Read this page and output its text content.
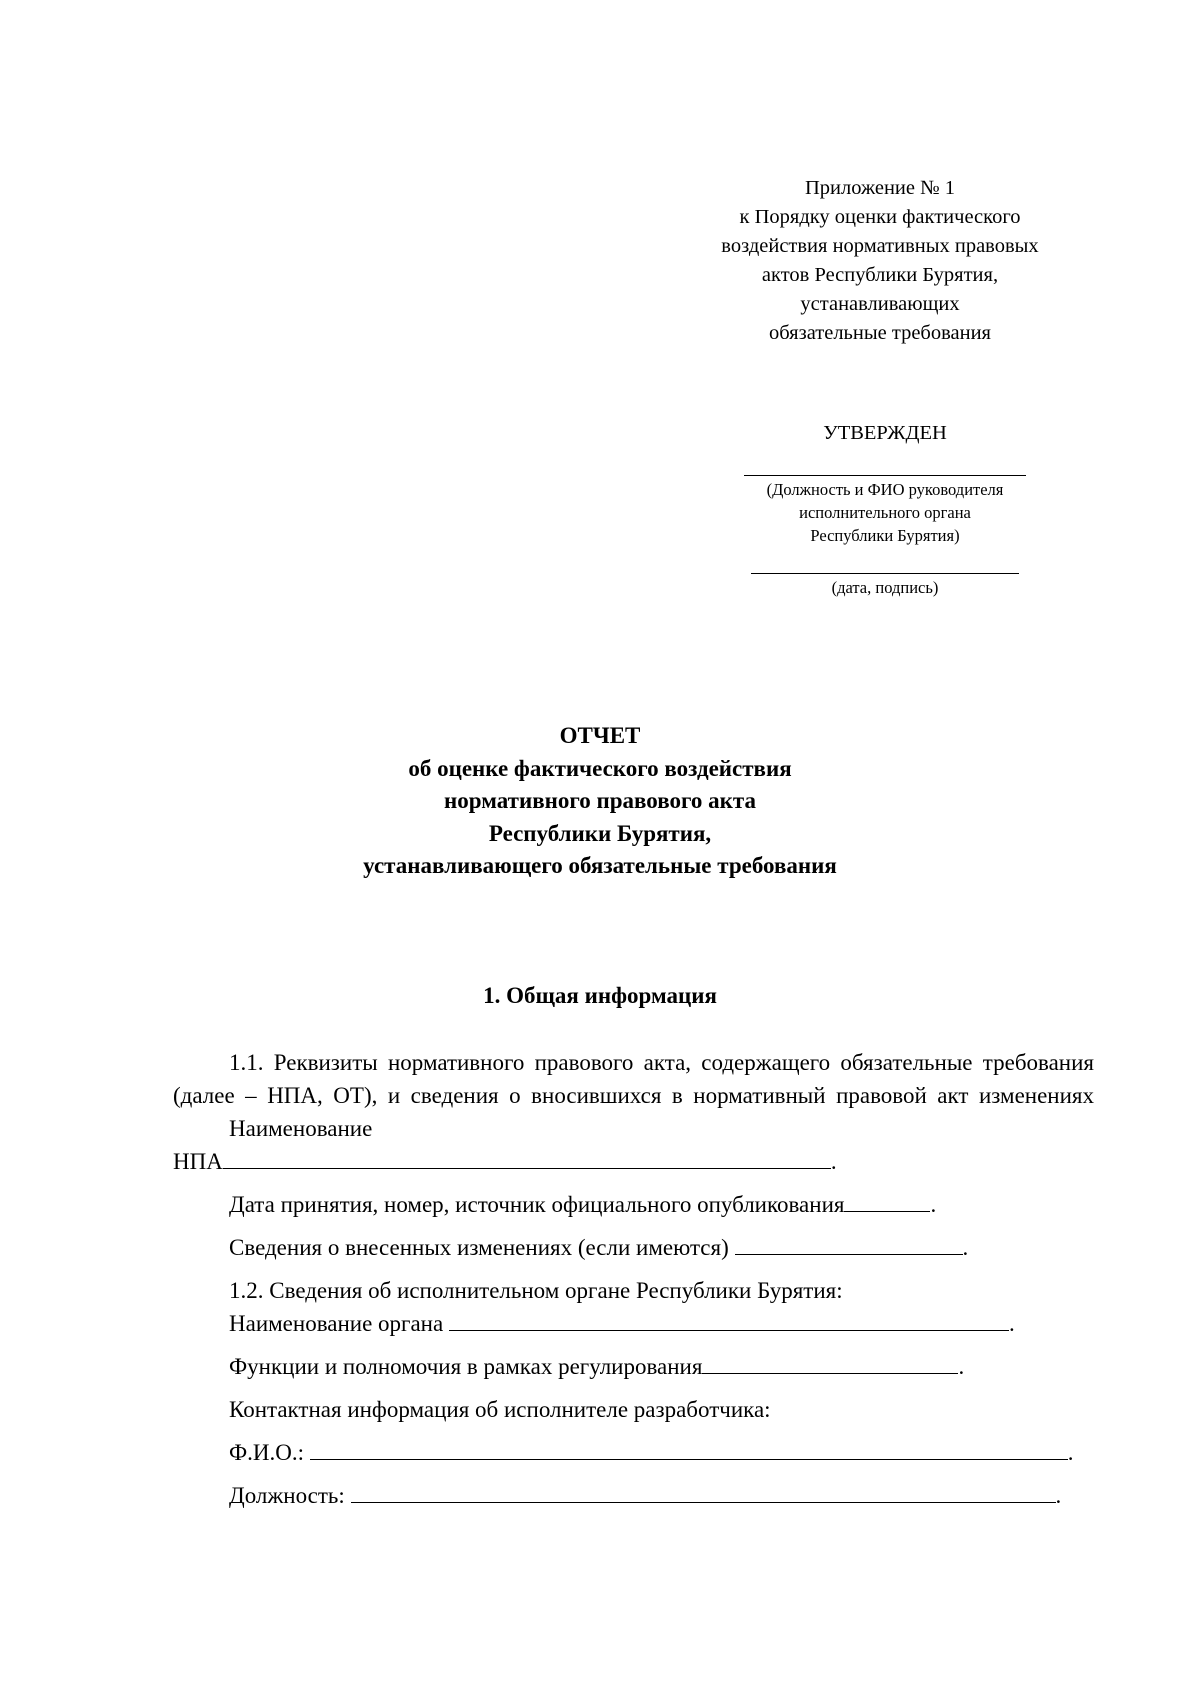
Приложение № 1
к Порядку оценки фактического
воздействия нормативных правовых
актов Республики Бурятия,
устанавливающих
обязательные требования
УТВЕРЖДЕН
(Должность и ФИО руководителя
исполнительного органа
Республики Бурятия)
(дата, подпись)
ОТЧЕТ
об оценке фактического воздействия
нормативного правового акта
Республики Бурятия,
устанавливающего обязательные требования
1. Общая информация

1.1. Реквизиты нормативного правового акта, содержащего обязательные требования (далее – НПА, ОТ), и сведения о вносившихся в нормативный правовой акт изменениях

Наименование

НПА	.

Дата принятия, номер, источник официального опубликования	.

Сведения о внесенных изменениях (если имеются)	.

1.2. Сведения об исполнительном органе Республики Бурятия:

Наименование органа	.

Функции и полномочия в рамках регулирования	.

Контактная информация об исполнителе разработчика:

Ф.И.О.:	.

Должность:	.
